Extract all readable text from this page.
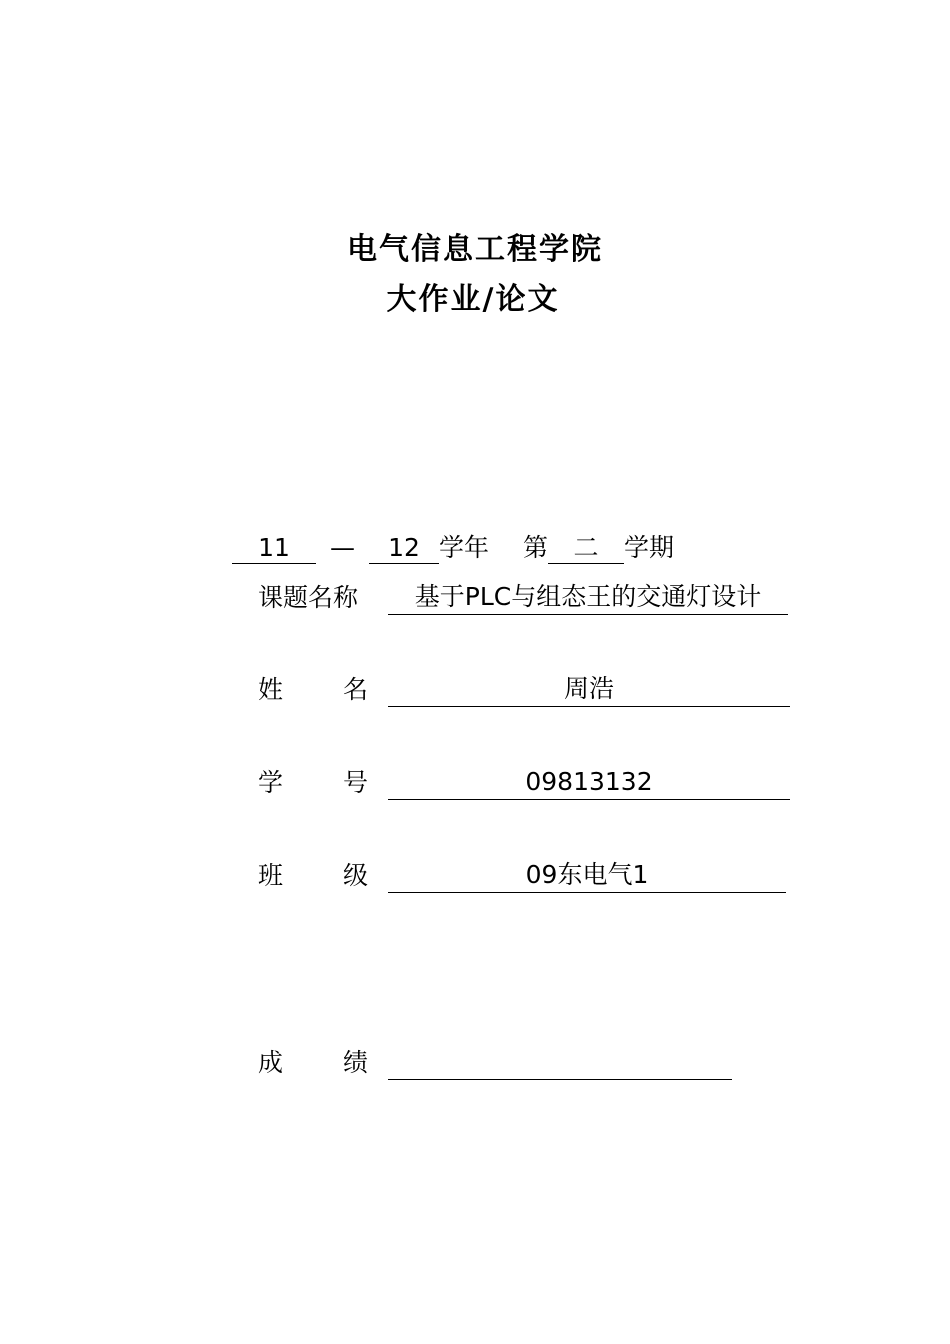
电气信息工程学院
大作业/论文
11 — 12 学年 第 二 学期
课题名称	基于PLC与组态王的交通灯设计
姓 名	周浩
学 号	09813132
班 级	09东电气1
成 绩
